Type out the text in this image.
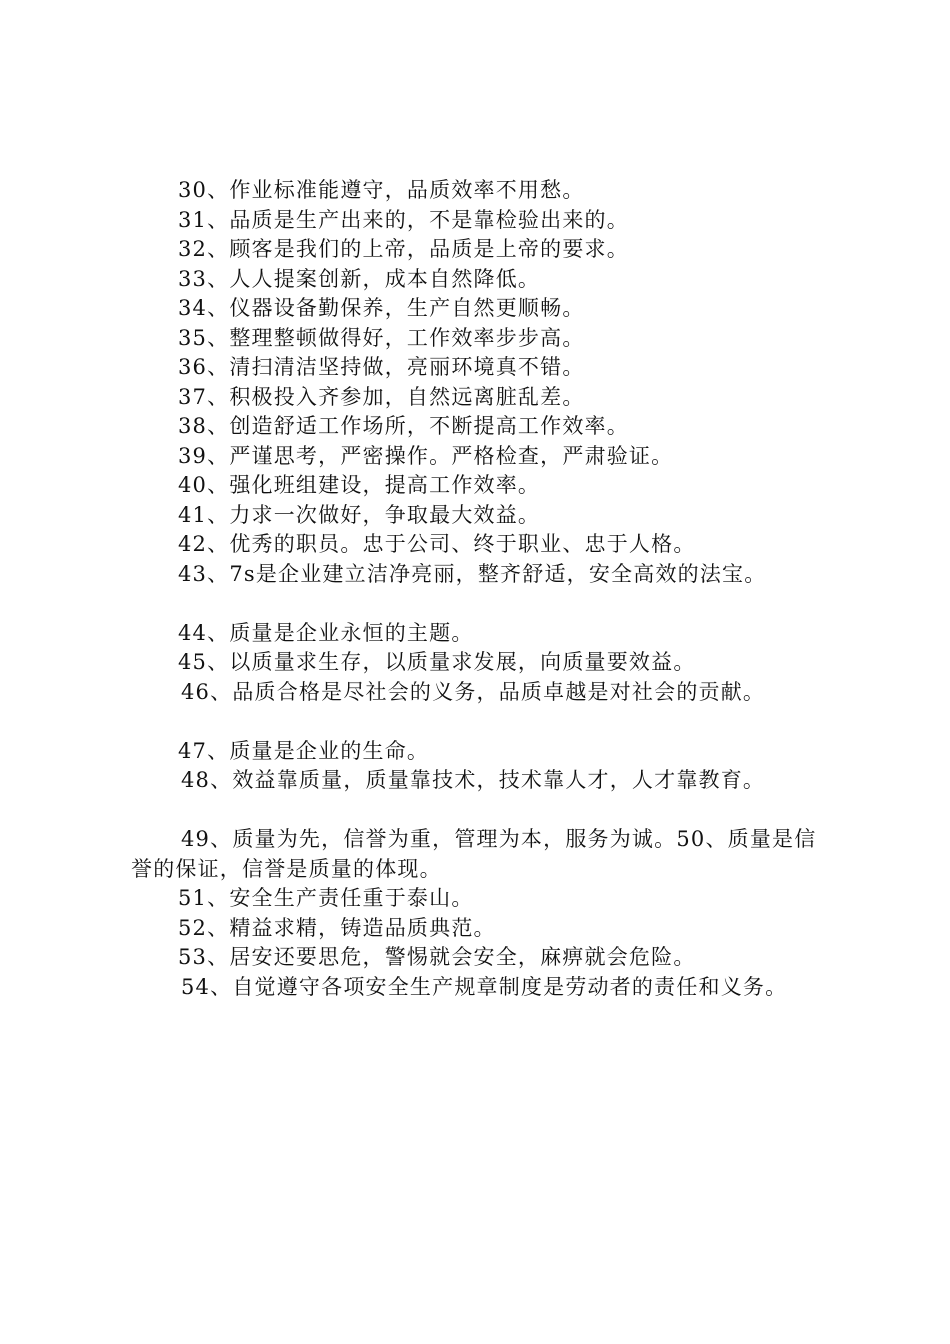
30、作业标准能遵守，品质效率不用愁。
31、品质是生产出来的，不是靠检验出来的。
32、顾客是我们的上帝，品质是上帝的要求。
33、人人提案创新，成本自然降低。
34、仪器设备勤保养，生产自然更顺畅。
35、整理整顿做得好，工作效率步步高。
36、清扫清洁坚持做，亮丽环境真不错。
37、积极投入齐参加，自然远离脏乱差。
38、创造舒适工作场所，不断提高工作效率。
39、严谨思考，严密操作。严格检查，严肃验证。
40、强化班组建设，提高工作效率。
41、力求一次做好，争取最大效益。
42、优秀的职员。忠于公司、终于职业、忠于人格。
43、7s是企业建立洁净亮丽，整齐舒适，安全高效的法宝。
44、质量是企业永恒的主题。
45、以质量求生存，以质量求发展，向质量要效益。
46、品质合格是尽社会的义务，品质卓越是对社会的贡献。
47、质量是企业的生命。
48、效益靠质量，质量靠技术，技术靠人才，人才靠教育。
49、质量为先，信誉为重，管理为本，服务为诚。50、质量是信誉的保证，信誉是质量的体现。
51、安全生产责任重于泰山。
52、精益求精，铸造品质典范。
53、居安还要思危，警惕就会安全，麻痹就会危险。
54、自觉遵守各项安全生产规章制度是劳动者的责任和义务。
